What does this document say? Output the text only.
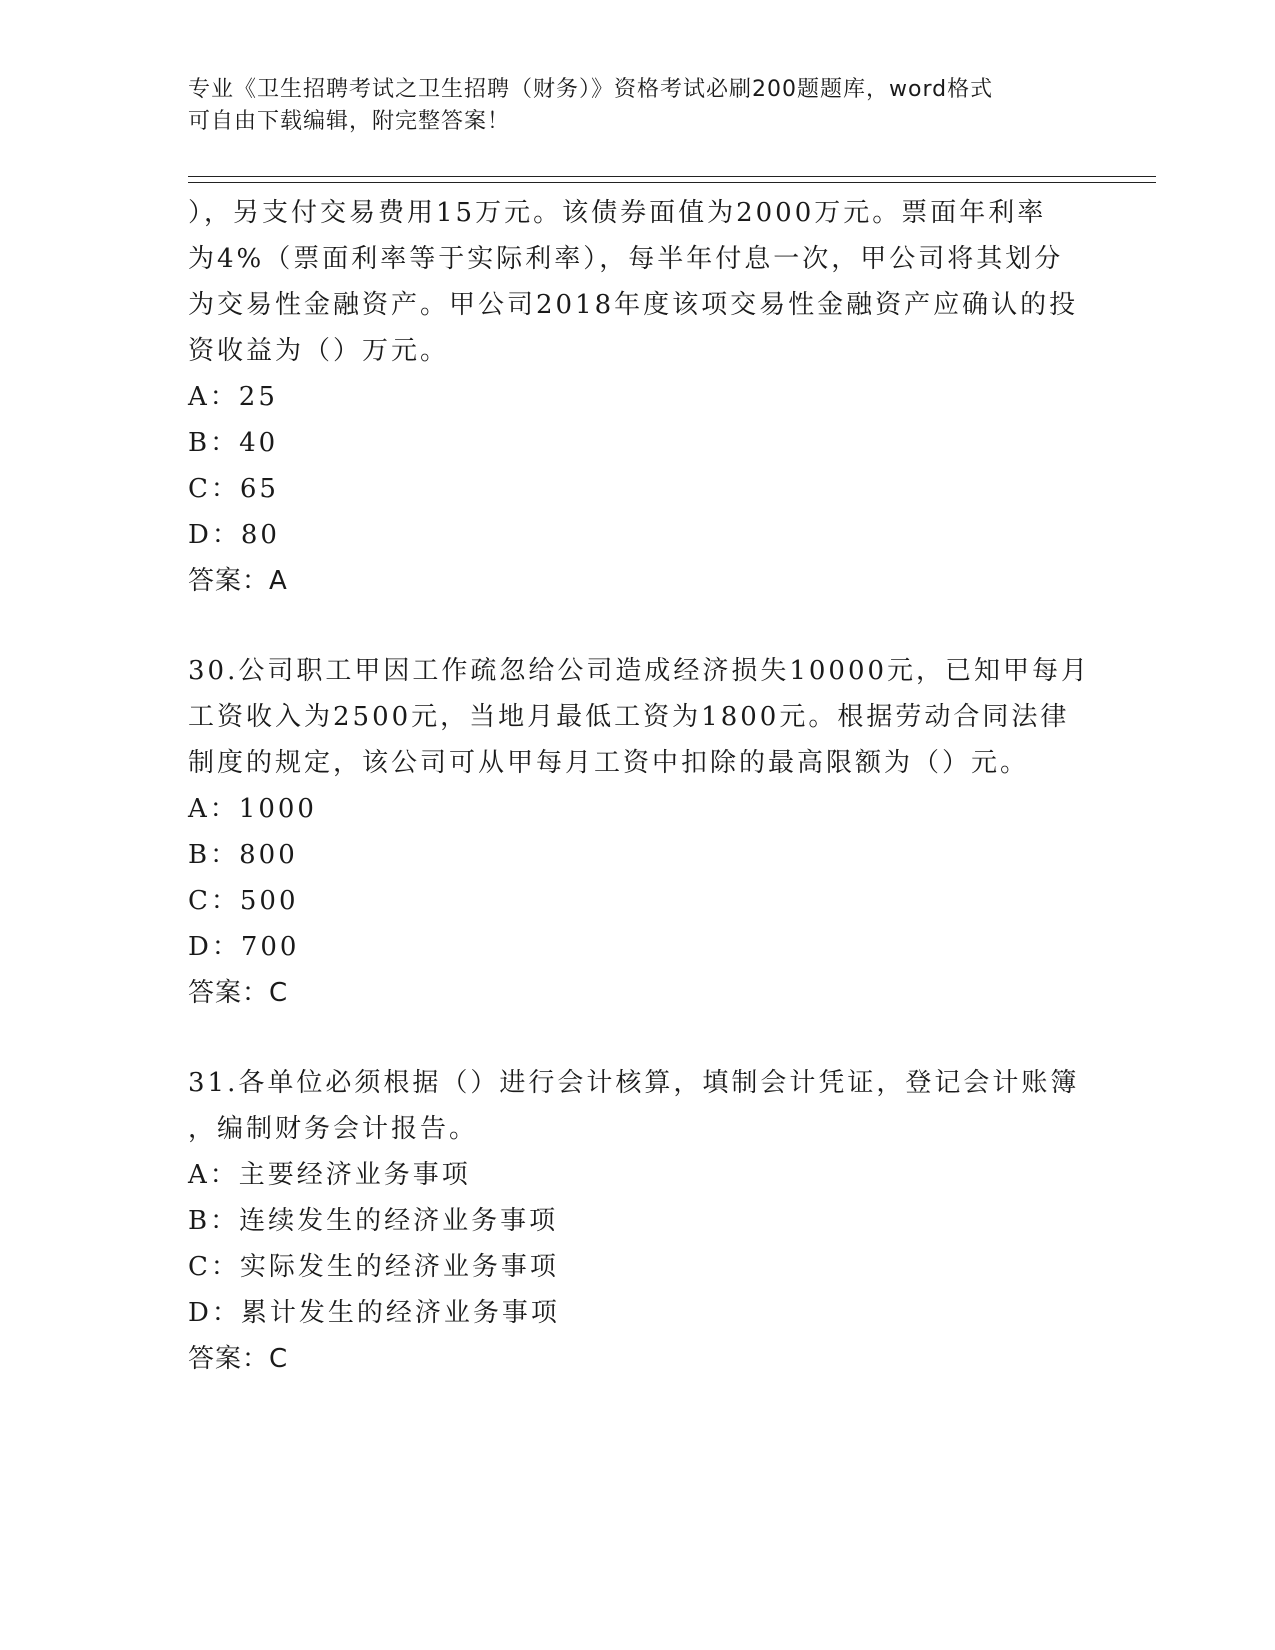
专业《卫生招聘考试之卫生招聘（财务）》资格考试必刷200题题库，word格式
可自由下载编辑，附完整答案！
），另支付交易费用15万元。该债券面值为2000万元。票面年利率
为4%（票面利率等于实际利率），每半年付息一次，甲公司将其划分
为交易性金融资产。甲公司2018年度该项交易性金融资产应确认的投
资收益为（）万元。
A：25
B：40
C：65
D：80
答案：A
30.公司职工甲因工作疏忽给公司造成经济损失10000元，已知甲每月
工资收入为2500元，当地月最低工资为1800元。根据劳动合同法律
制度的规定，该公司可从甲每月工资中扣除的最高限额为（）元。
A：1000
B：800
C：500
D：700
答案：C
31.各单位必须根据（）进行会计核算，填制会计凭证，登记会计账簿
，编制财务会计报告。
A：主要经济业务事项
B：连续发生的经济业务事项
C：实际发生的经济业务事项
D：累计发生的经济业务事项
答案：C
